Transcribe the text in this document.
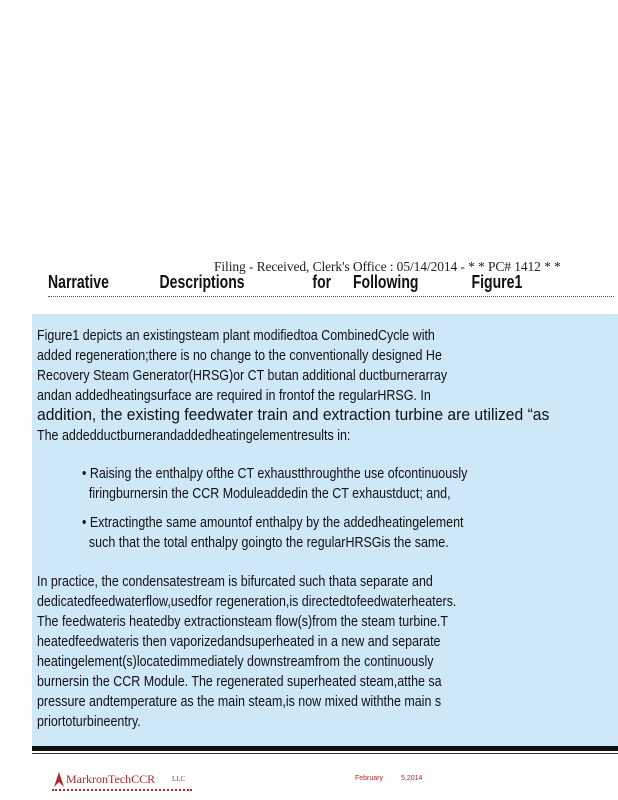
Filing - Received, Clerk's Office : 05/14/2014 - * * PC# 1412 * *
Narrative	Descriptions	for Following	Figure1
Figure1 depicts an existingsteam plant modifiedtoa CombinedCycle with
added regeneration;there is no change to the conventionally designed He
Recovery Steam Generator(HRSG)or CT butan additional ductburnerarray
andan addedheatingsurface are required in frontof the regularHRSG. In
addition, the existing feedwater train and extraction turbine are utilized “as
The addedductburnerandaddedheatingelementresults in:
• Raising the enthalpy ofthe CT exhaustthroughthe use ofcontinuously
firingburnersin the CCR Moduleaddedin the CT exhaustduct; and,
• Extractingthe same amountof enthalpy by the addedheatingelement
such that the total enthalpy goingto the regularHRSGis the same.
In practice, the condensatestream is bifurcated such thata separate and
dedicatedfeedwaterflow,usedfor regeneration,is directedtofeedwaterheaters.
The feedwateris heatedby extractionsteam flow(s)from the steam turbine.T
heatedfeedwateris then vaporizedandsuperheated in a new and separate
heatingelement(s)locatedimmediately downstreamfrom the continuously
burnersin the CCR Module. The regenerated superheated steam,atthe sa
pressure andtemperature as the main steam,is now mixed withthe main s
priortoturbineentry.
MarkronTechCCR LLC	February	5,2014
